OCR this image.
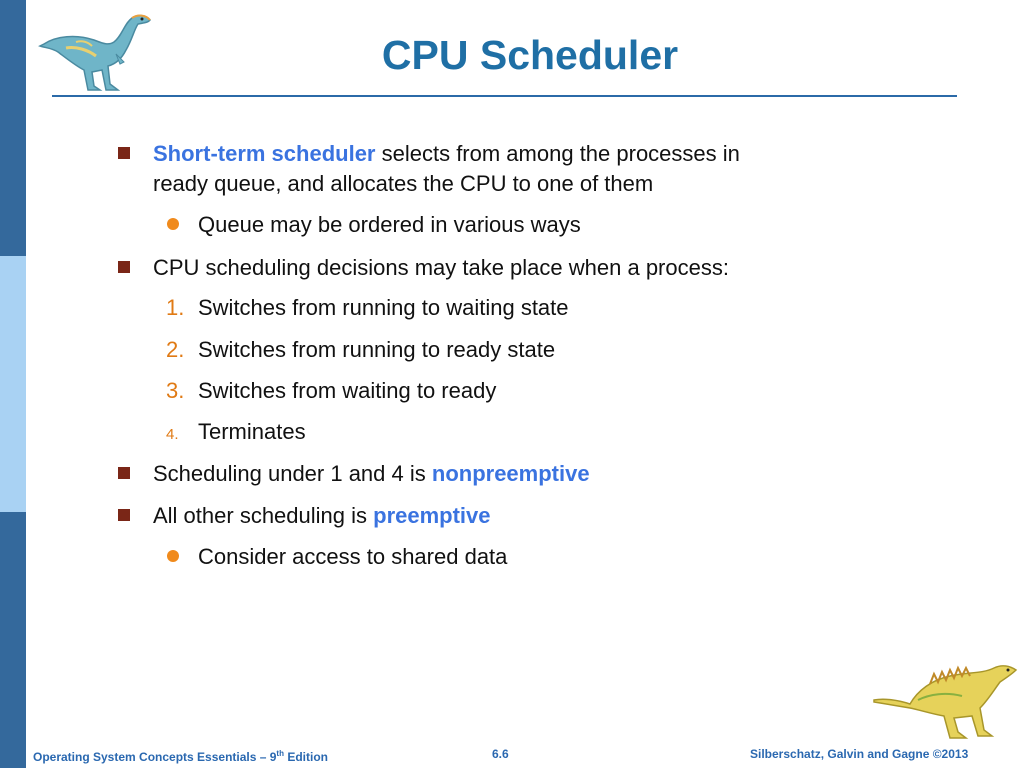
CPU Scheduler
Short-term scheduler selects from among the processes in
ready queue, and allocates the CPU to one of them
Queue may be ordered in various ways
CPU scheduling decisions may take place when a process:
1. Switches from running to waiting state
2. Switches from running to ready state
3. Switches from waiting to ready
4. Terminates
Scheduling under 1 and 4 is nonpreemptive
All other scheduling is preemptive
Consider access to shared data
Operating System Concepts Essentials – 9th Edition	6.6	Silberschatz, Galvin and Gagne ©2013
